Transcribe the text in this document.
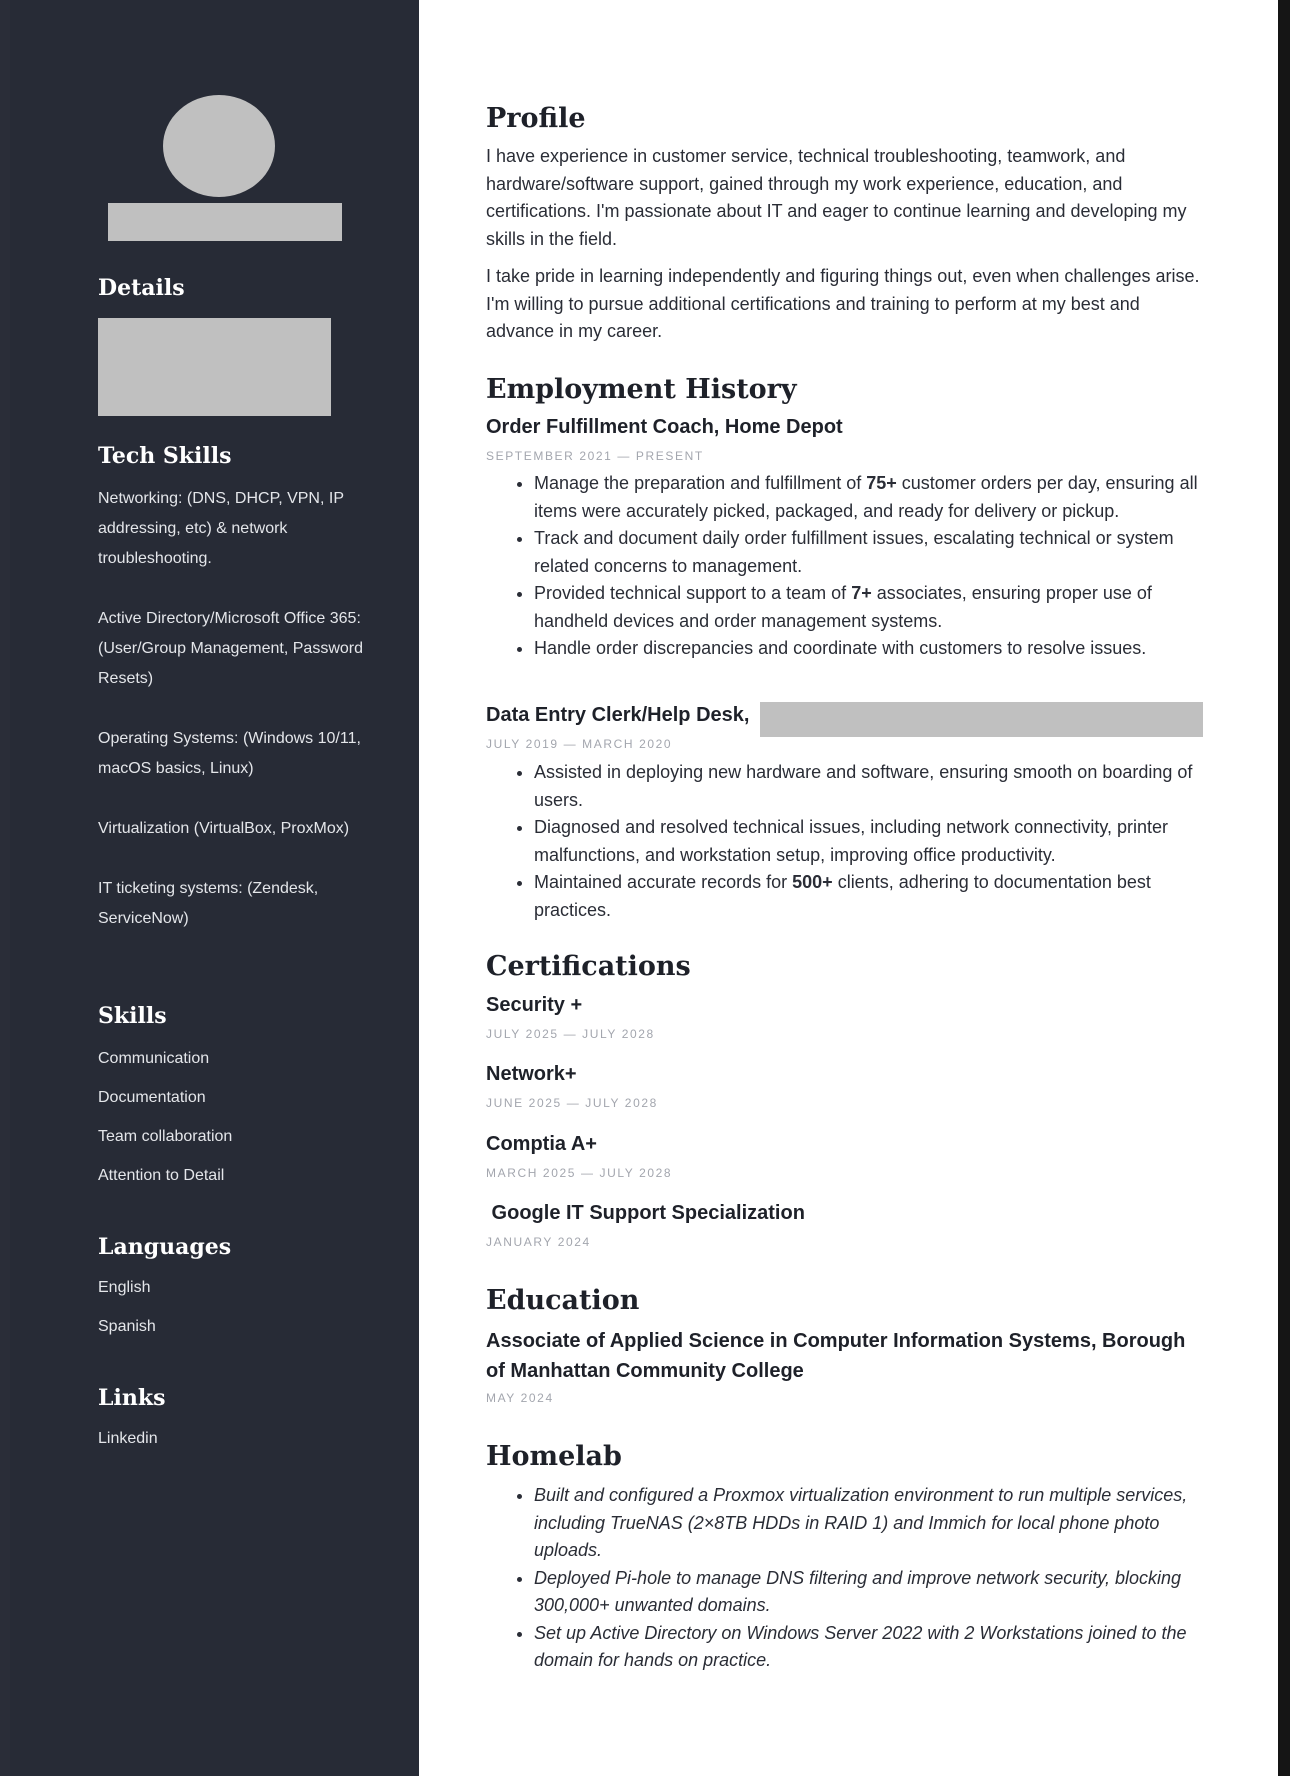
Details
Tech Skills
Networking: (DNS, DHCP, VPN, IP addressing, etc) & network troubleshooting.
Active Directory/Microsoft Office 365: (User/Group Management, Password Resets)
Operating Systems: (Windows 10/11, macOS basics, Linux)
Virtualization (VirtualBox, ProxMox)
IT ticketing systems: (Zendesk, ServiceNow)
Skills
Communication
Documentation
Team collaboration
Attention to Detail
Languages
English
Spanish
Links
Linkedin
Profile

I have experience in customer service, technical troubleshooting, teamwork, and hardware/software support, gained through my work experience, education, and certifications. I'm passionate about IT and eager to continue learning and developing my skills in the field.

I take pride in learning independently and figuring things out, even when challenges arise. I'm willing to pursue additional certifications and training to perform at my best and advance in my career.

Employment History
Order Fulfillment Coach, Home Depot
SEPTEMBER 2021 — PRESENT
• Manage the preparation and fulfillment of 75+ customer orders per day, ensuring all items were accurately picked, packaged, and ready for delivery or pickup.
• Track and document daily order fulfillment issues, escalating technical or system related concerns to management.
• Provided technical support to a team of 7+ associates, ensuring proper use of handheld devices and order management systems.
• Handle order discrepancies and coordinate with customers to resolve issues.
Data Entry Clerk/Help Desk,
JULY 2019 — MARCH 2020
• Assisted in deploying new hardware and software, ensuring smooth on boarding of users.
• Diagnosed and resolved technical issues, including network connectivity, printer malfunctions, and workstation setup, improving office productivity.
• Maintained accurate records for 500+ clients, adhering to documentation best practices.
Certifications
Security +
JULY 2025 — JULY 2028
Network+
JUNE 2025 — JULY 2028
Comptia A+
MARCH 2025 — JULY 2028
Google IT Support Specialization
JANUARY 2024
Education
Associate of Applied Science in Computer Information Systems, Borough of Manhattan Community College
MAY 2024
Homelab
• Built and configured a Proxmox virtualization environment to run multiple services, including TrueNAS (2×8TB HDDs in RAID 1) and Immich for local phone photo uploads.
• Deployed Pi-hole to manage DNS filtering and improve network security, blocking 300,000+ unwanted domains.
• Set up Active Directory on Windows Server 2022 with 2 Workstations joined to the domain for hands on practice.
